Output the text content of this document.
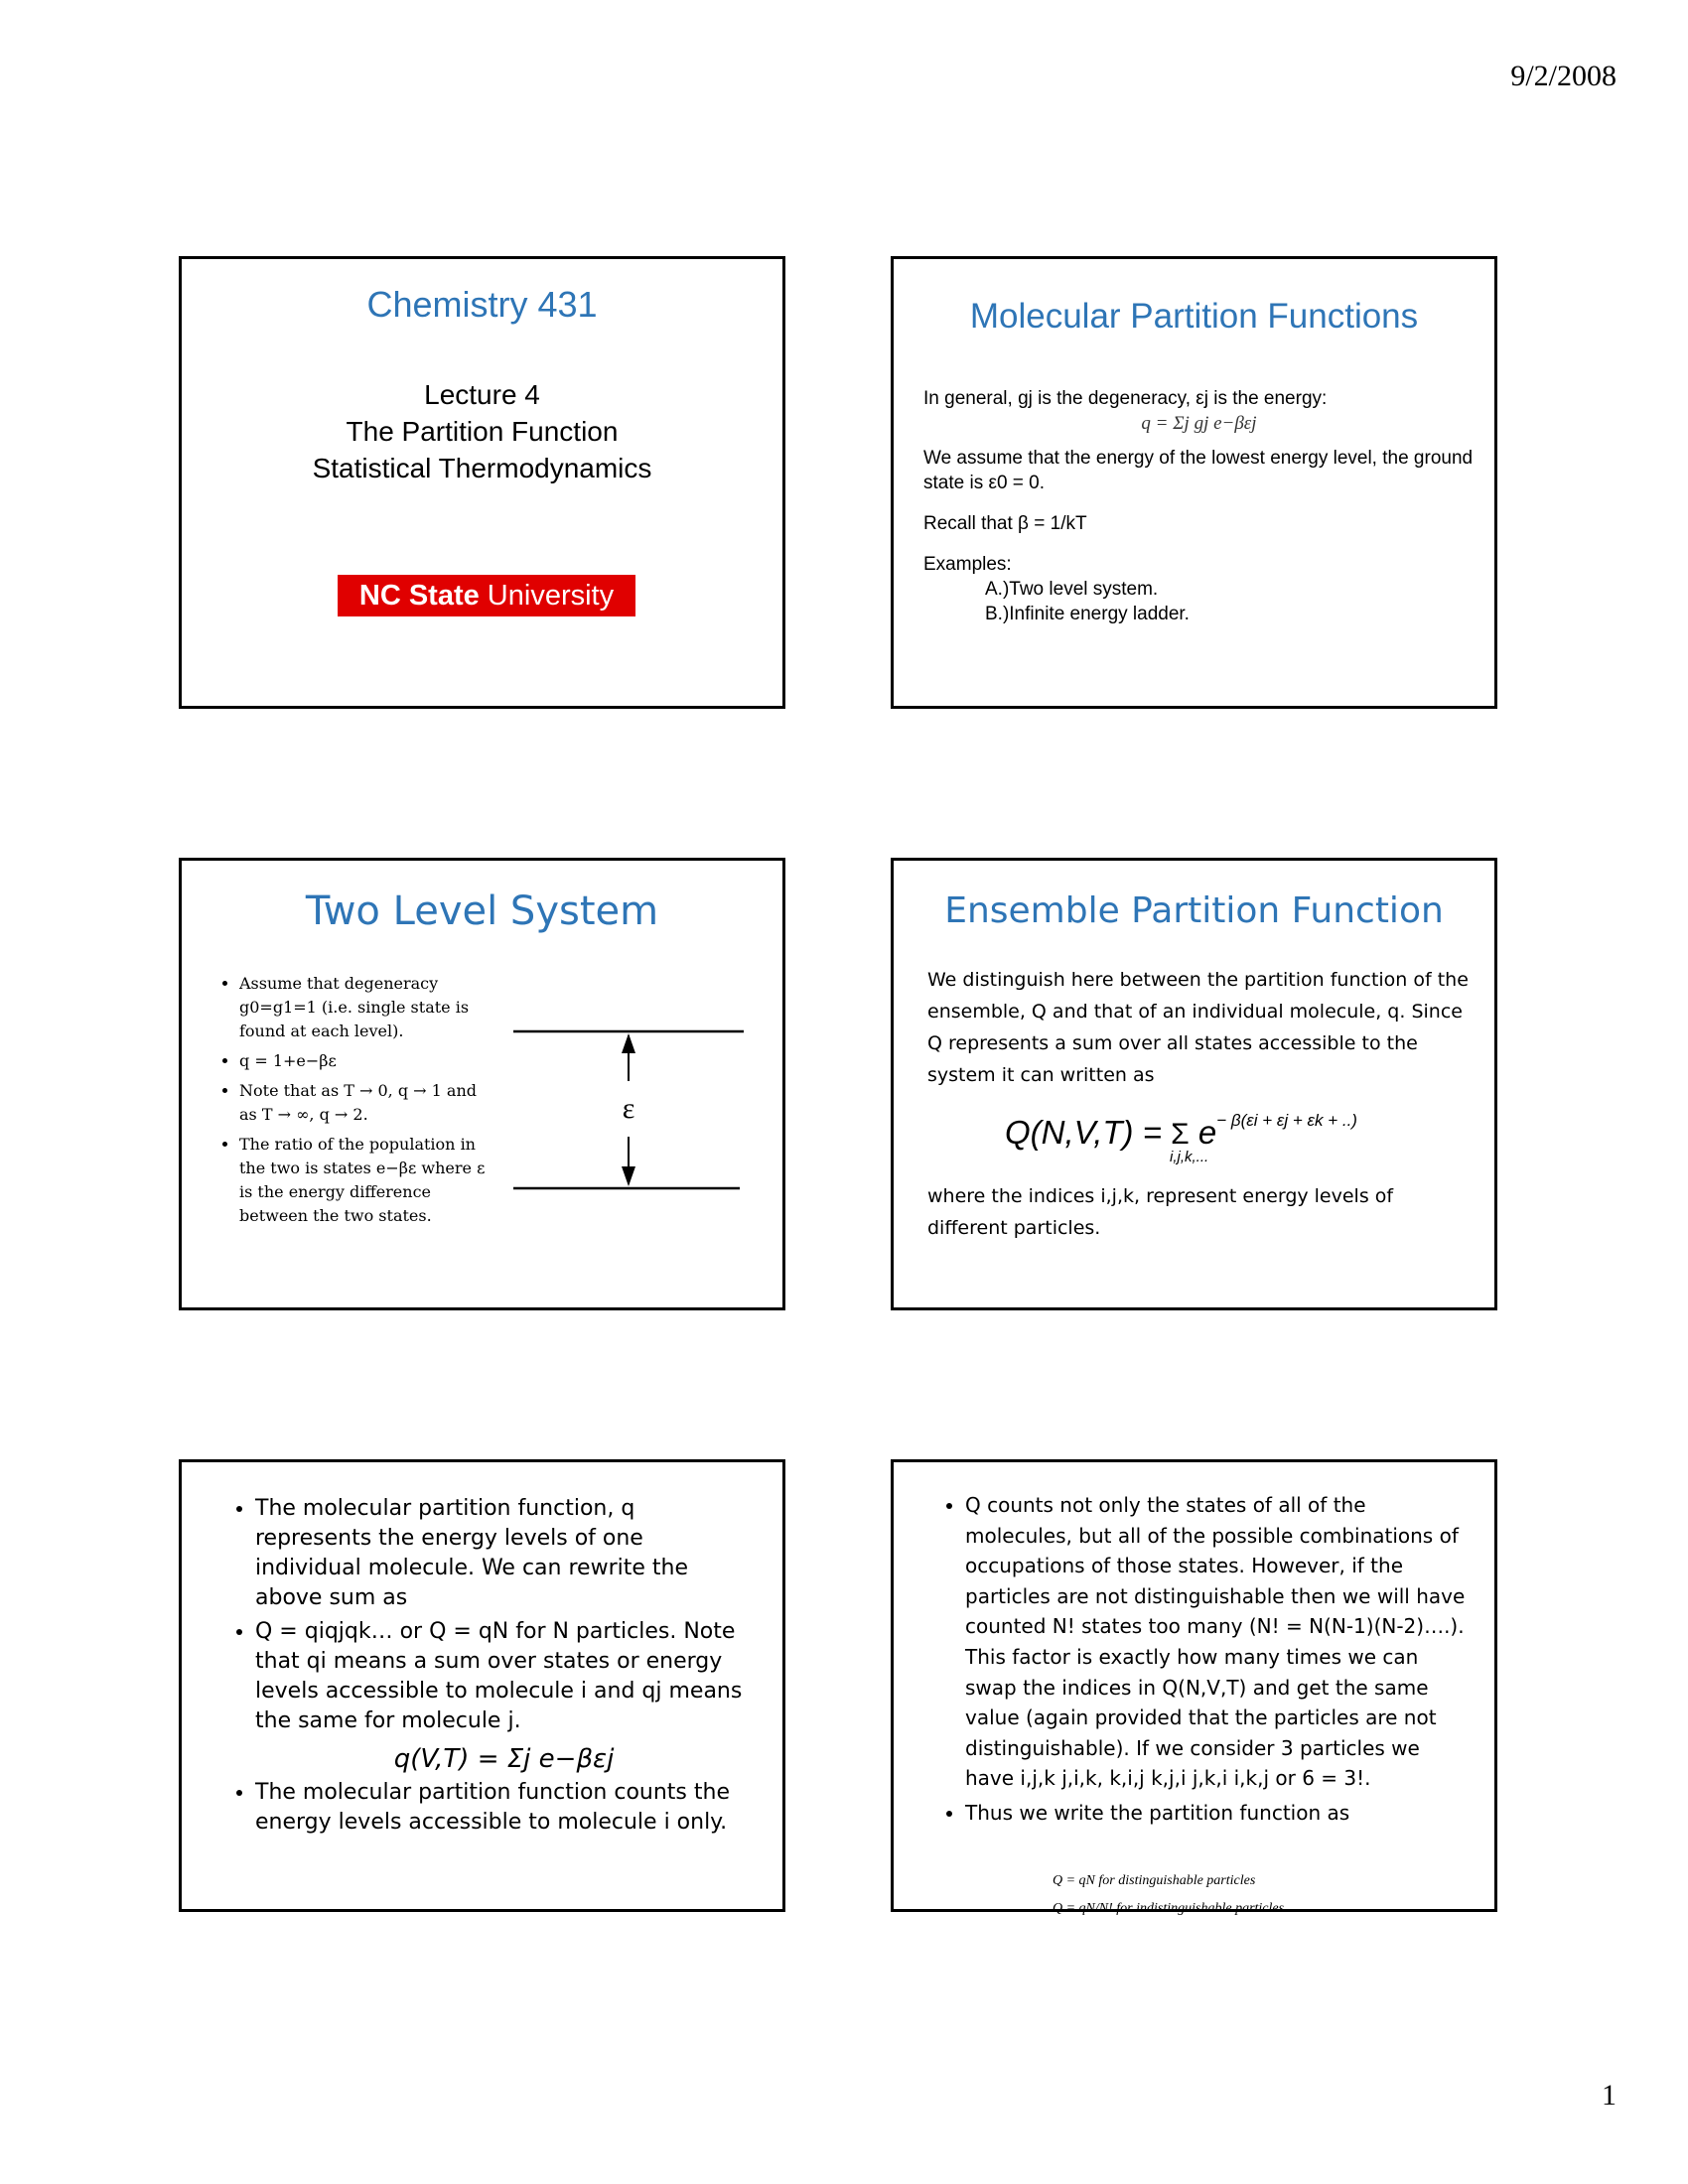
9/2/2008
Chemistry 431
Lecture 4
The Partition Function
Statistical Thermodynamics
NC State University
Molecular Partition Functions

In general, gj is the degeneracy, εj is the energy:

q = Σj gj e−βεj

We assume that the energy of the lowest energy level, the ground state is ε0 = 0.

Recall that β = 1/kT

Examples:
A.)Two level system.
B.)Infinite energy ladder.
Two Level System
• Assume that degeneracy g0=g1=1 (i.e. single state is found at each level).
• q = 1+e−βε
• Note that as T → 0, q → 1 and as T → ∞, q → 2.
• The ratio of the population in the two is states e−βε where ε is the energy difference between the two states.
ε
Ensemble Partition Function
We distinguish here between the partition function of the ensemble, Q and that of an individual molecule, q. Since Q represents a sum over all states accessible to the system it can written as
Q(N,V,T) = Σ $e^{- \beta(\varepsilon i + \varepsilon j + \varepsilon k + ..)}$
i,j,k,...
where the indices i,j,k, represent energy levels of different particles.
• The molecular partition function, q represents the energy levels of one individual molecule. We can rewrite the above sum as
• Q = qiqjqk… or Q = qN for N particles. Note that qi means a sum over states or energy levels accessible to molecule i and qj means the same for molecule j.
q(V,T) = Σj e−βεj
• The molecular partition function counts the energy levels accessible to molecule i only.
• Q counts not only the states of all of the molecules, but all of the possible combinations of occupations of those states. However, if the particles are not distinguishable then we will have counted N! states too many (N! = N(N-1)(N-2)….). This factor is exactly how many times we can swap the indices in Q(N,V,T) and get the same value (again provided that the particles are not distinguishable). If we consider 3 particles we have i,j,k j,i,k, k,i,j k,j,i j,k,i i,k,j or 6 = 3!.
• Thus we write the partition function as
Q = qN for distinguishable particles
Q = qN/N! for indistinguishable particles
1
